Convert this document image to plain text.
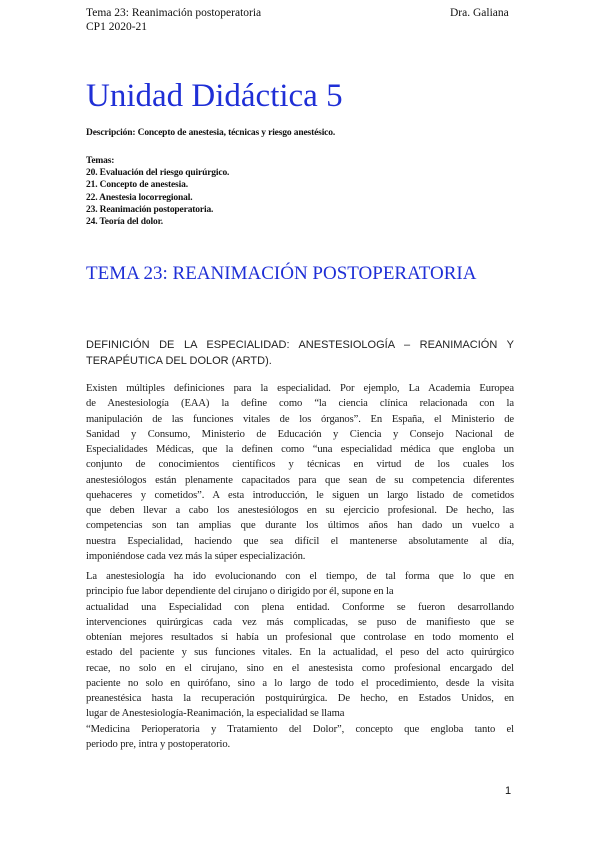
Tema 23: Reanimación postoperatoria
CP1 2020-21
Dra. Galiana
Unidad Didáctica 5

Descripción: Concepto de anestesia, técnicas y riesgo anestésico.

Temas:
20. Evaluación del riesgo quirúrgico.
21. Concepto de anestesia.
22. Anestesia locorregional.
23. Reanimación postoperatoria.
24. Teoría del dolor.
TEMA 23: REANIMACIÓN POSTOPERATORIA
DEFINICIÓN DE LA ESPECIALIDAD: ANESTESIOLOGÍA – REANIMACIÓN Y TERAPÉUTICA DEL DOLOR (ARTD).
Existen múltiples definiciones para la especialidad. Por ejemplo, La Academia Europea
de Anestesiología (EAA) la define como “la ciencia clínica relacionada con la
manipulación de las funciones vitales de los órganos”. En España, el Ministerio de
Sanidad y Consumo, Ministerio de Educación y Ciencia y Consejo Nacional de
Especialidades Médicas, que la definen como “una especialidad médica que engloba un
conjunto de conocimientos científicos y técnicas en virtud de los cuales los
anestesiólogos están plenamente capacitados para que sean de su competencia diferentes
quehaceres y cometidos”. A esta introducción, le siguen un largo listado de cometidos
que deben llevar a cabo los anestesiólogos en su ejercicio profesional. De hecho, las
competencias son tan amplias que durante los últimos años han dado un vuelco a
nuestra Especialidad, haciendo que sea difícil el mantenerse absolutamente al día,
imponiéndose cada vez más la súper especialización.
La anestesiología ha ido evolucionando con el tiempo, de tal forma que lo que en
principio fue labor dependiente del cirujano o dirigido por él, supone en la
actualidad una Especialidad con plena entidad. Conforme se fueron desarrollando
intervenciones quirúrgicas cada vez más complicadas, se puso de manifiesto que se
obtenían mejores resultados si había un profesional que controlase en todo momento el
estado del paciente y sus funciones vitales. En la actualidad, el peso del acto quirúrgico
recae, no solo en el cirujano, sino en el anestesista como profesional encargado del
paciente no solo en quirófano, sino a lo largo de todo el procedimiento, desde la visita
preanestésica hasta la recuperación postquirúrgica. De hecho, en Estados Unidos, en
lugar de Anestesiología-Reanimación, la especialidad se llama
“Medicina Perioperatoria y Tratamiento del Dolor”, concepto que engloba tanto el
periodo pre, intra y postoperatorio.
1
